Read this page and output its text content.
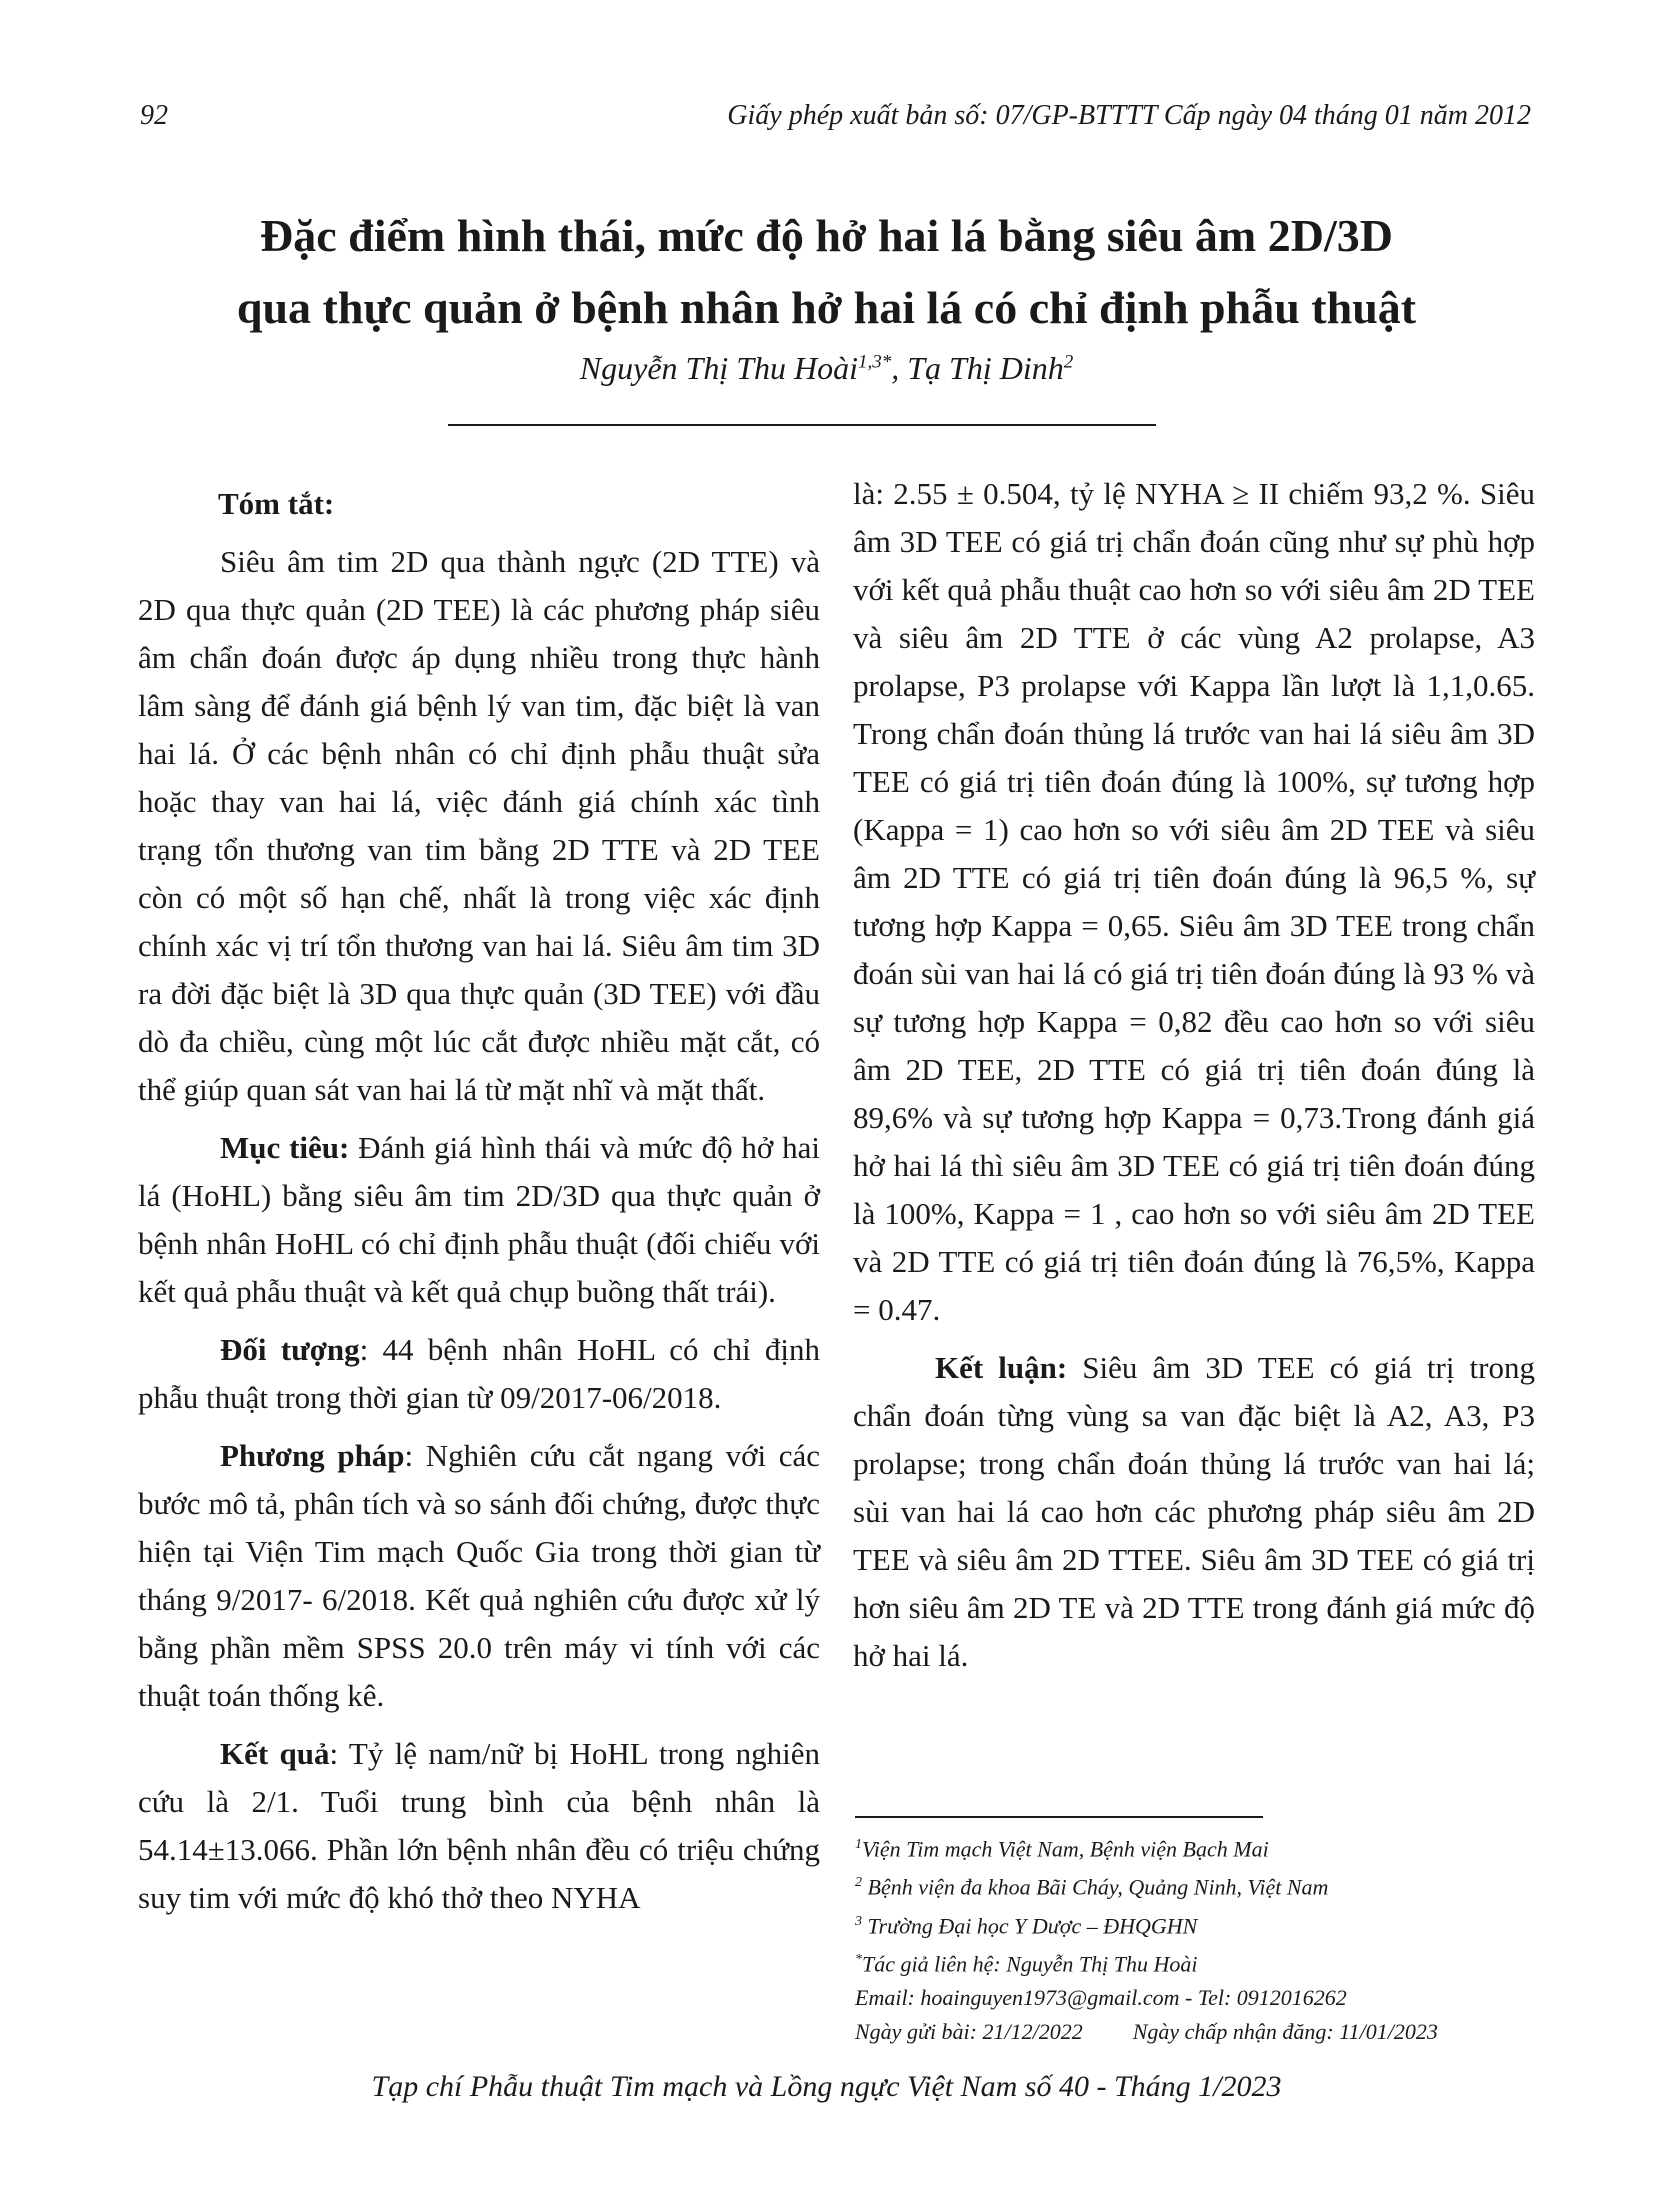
92	Giấy phép xuất bản số: 07/GP-BTTTT Cấp ngày 04 tháng 01 năm 2012
Đặc điểm hình thái, mức độ hở hai lá bằng siêu âm 2D/3D
qua thực quản ở bệnh nhân hở hai lá có chỉ định phẫu thuật
Nguyễn Thị Thu Hoài$^{1,3*}$, Tạ Thị Dinh$^2$
Tóm tắt:

Siêu âm tim 2D qua thành ngực (2D TTE) và 2D qua thực quản (2D TEE) là các phương pháp siêu âm chẩn đoán được áp dụng nhiều trong thực hành lâm sàng để đánh giá bệnh lý van tim, đặc biệt là van hai lá. Ở các bệnh nhân có chỉ định phẫu thuật sửa hoặc thay van hai lá, việc đánh giá chính xác tình trạng tổn thương van tim bằng 2D TTE và 2D TEE còn có một số hạn chế, nhất là trong việc xác định chính xác vị trí tổn thương van hai lá. Siêu âm tim 3D ra đời đặc biệt là 3D qua thực quản (3D TEE) với đầu dò đa chiều, cùng một lúc cắt được nhiều mặt cắt, có thể giúp quan sát van hai lá từ mặt nhĩ và mặt thất.

Mục tiêu: Đánh giá hình thái và mức độ hở hai lá (HoHL) bằng siêu âm tim 2D/3D qua thực quản ở bệnh nhân HoHL có chỉ định phẫu thuật (đối chiếu với kết quả phẫu thuật và kết quả chụp buồng thất trái).

Đối tượng: 44 bệnh nhân HoHL có chỉ định phẫu thuật trong thời gian từ 09/2017-06/2018.

Phương pháp: Nghiên cứu cắt ngang với các bước mô tả, phân tích và so sánh đối chứng, được thực hiện tại Viện Tim mạch Quốc Gia trong thời gian từ tháng 9/2017- 6/2018. Kết quả nghiên cứu được xử lý bằng phần mềm SPSS 20.0 trên máy vi tính với các thuật toán thống kê.

Kết quả: Tỷ lệ nam/nữ bị HoHL trong nghiên cứu là 2/1. Tuổi trung bình của bệnh nhân là 54.14±13.066. Phần lớn bệnh nhân đều có triệu chứng suy tim với mức độ khó thở theo NYHA

là: 2.55 ± 0.504, tỷ lệ NYHA ≥ II chiếm 93,2 %. Siêu âm 3D TEE có giá trị chẩn đoán cũng như sự phù hợp với kết quả phẫu thuật cao hơn so với siêu âm 2D TEE và siêu âm 2D TTE ở các vùng A2 prolapse, A3 prolapse, P3 prolapse với Kappa lần lượt là 1,1,0.65. Trong chẩn đoán thủng lá trước van hai lá siêu âm 3D TEE có giá trị tiên đoán đúng là 100%, sự tương hợp (Kappa = 1) cao hơn so với siêu âm 2D TEE và siêu âm 2D TTE có giá trị tiên đoán đúng là 96,5 %, sự tương hợp Kappa = 0,65. Siêu âm 3D TEE trong chẩn đoán sùi van hai lá có giá trị tiên đoán đúng là 93 % và sự tương hợp Kappa = 0,82 đều cao hơn so với siêu âm 2D TEE, 2D TTE có giá trị tiên đoán đúng là 89,6% và sự tương hợp Kappa = 0,73.Trong đánh giá hở hai lá thì siêu âm 3D TEE có giá trị tiên đoán đúng là 100%, Kappa = 1 , cao hơn so với siêu âm 2D TEE và 2D TTE có giá trị tiên đoán đúng là 76,5%, Kappa = 0.47.

Kết luận: Siêu âm 3D TEE có giá trị trong chẩn đoán từng vùng sa van đặc biệt là A2, A3, P3 prolapse; trong chẩn đoán thủng lá trước van hai lá; sùi van hai lá cao hơn các phương pháp siêu âm 2D TEE và siêu âm 2D TTEE. Siêu âm 3D TEE có giá trị hơn siêu âm 2D TE và 2D TTE trong đánh giá mức độ hở hai lá.

$^1$Viện Tim mạch Việt Nam, Bệnh viện Bạch Mai
$^2$ Bệnh viện đa khoa Bãi Cháy, Quảng Ninh, Việt Nam
$^3$ Trường Đại học Y Dược – ĐHQGHN
*Tác giả liên hệ: Nguyễn Thị Thu Hoài
Email: hoainguyen1973@gmail.com - Tel: 0912016262
Ngày gửi bài: 21/12/2022 Ngày chấp nhận đăng: 11/01/2023
Tạp chí Phẫu thuật Tim mạch và Lồng ngực Việt Nam số 40 - Tháng 1/2023
